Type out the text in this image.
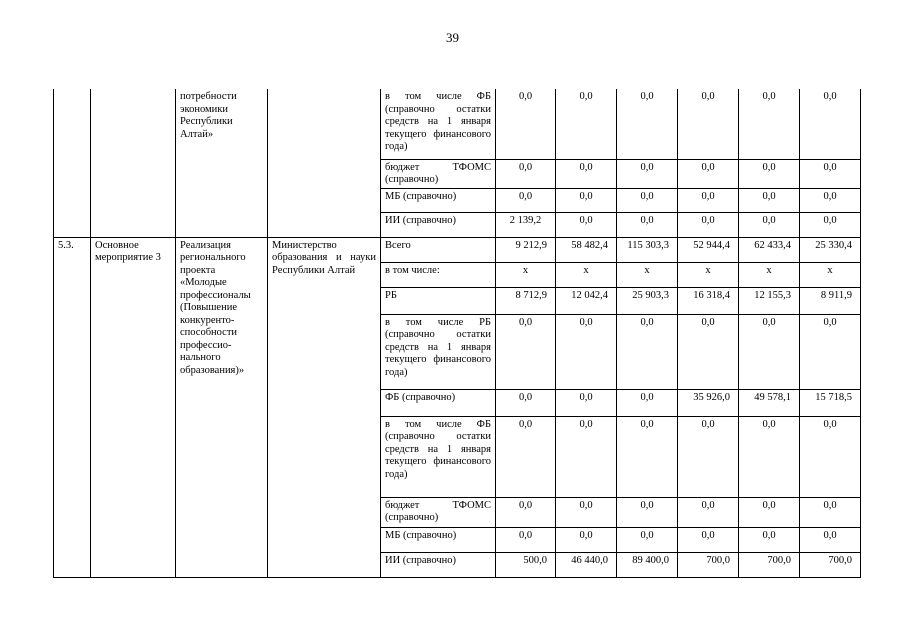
39
		потребности экономики Республики Алтай»		в том числе ФБ (справочно остатки средств на 1 января текущего финансового года)	0,0	0,0	0,0	0,0	0,0	0,0
				бюджет ТФОМС (справочно)	0,0	0,0	0,0	0,0	0,0	0,0
				МБ (справочно)	0,0	0,0	0,0	0,0	0,0	0,0
				ИИ (справочно)	2 139,2	0,0	0,0	0,0	0,0	0,0
5.3.	Основное мероприятие 3	Реализация регионального проекта «Молодые профессионалы (Повышение конкуренто-способности профессио-нального образования)»	Министерство образования и науки Республики Алтай	Всего	9 212,9	58 482,4	115 303,3	52 944,4	62 433,4	25 330,4
				в том числе:	х	х	х	х	х	х
				РБ	8 712,9	12 042,4	25 903,3	16 318,4	12 155,3	8 911,9
				в том числе РБ (справочно остатки средств на 1 января текущего финансового года)	0,0	0,0	0,0	0,0	0,0	0,0
				ФБ (справочно)	0,0	0,0	0,0	35 926,0	49 578,1	15 718,5
				в том числе ФБ (справочно остатки средств на 1 января текущего финансового года)	0,0	0,0	0,0	0,0	0,0	0,0
				бюджет ТФОМС (справочно)	0,0	0,0	0,0	0,0	0,0	0,0
				МБ (справочно)	0,0	0,0	0,0	0,0	0,0	0,0
				ИИ (справочно)	500,0	46 440,0	89 400,0	700,0	700,0	700,0
